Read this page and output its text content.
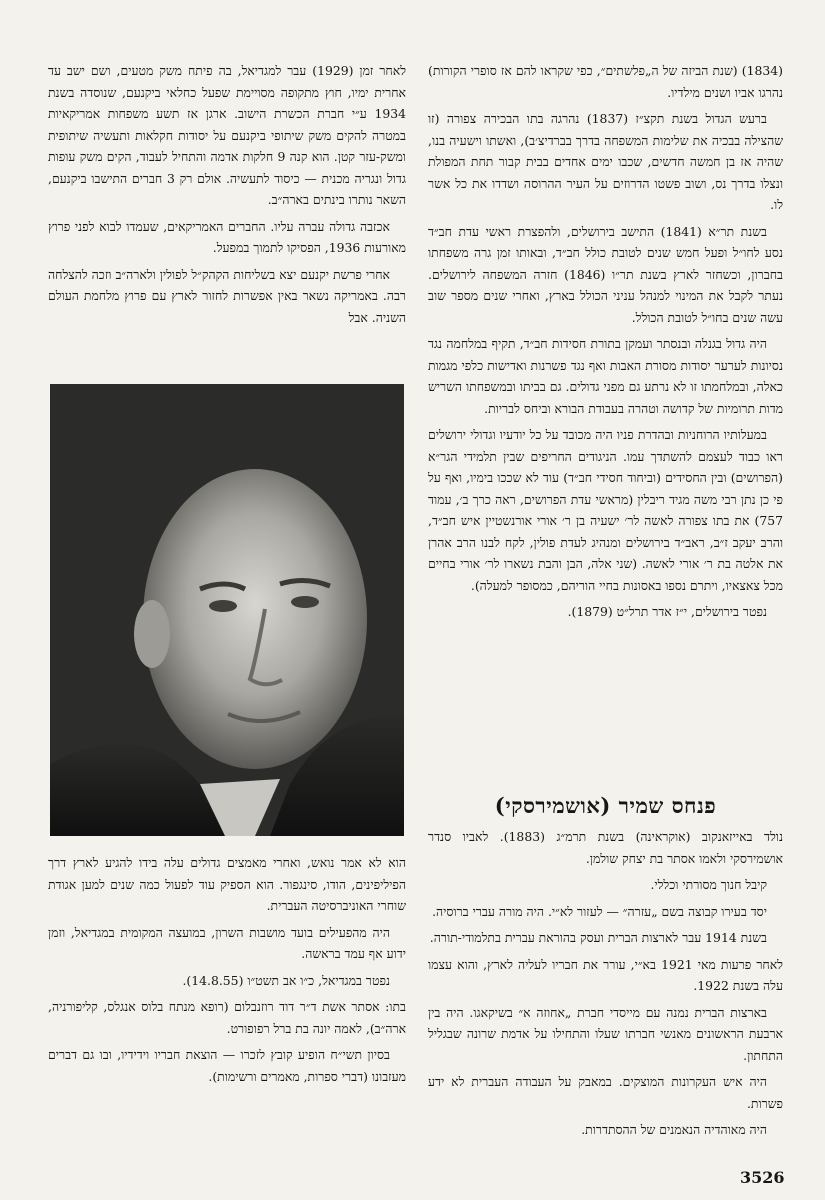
(1834) (שנת הביזה של ה„פלשתים״, כפי שקראו להם אז סופרי הקורות) נהרגו אביו ושנים מילדיו.

ברעש הגדול בשנת תקצ״ז (1837) נהרגה בתו הבכירה צפורה (זו שהצילה בבכיה את שלימות המשפחה בדרך בברדיצ׳ב), ואשתו וישעיה בנו, שהיה אז בן חמשה חדשים, שכבו ימים אחדים בבית קבור תחת המפולת ונצלו בדרך נס, ושוב פשטו הדרוזים על העיר ההרוסה ושדדו את כל אשר לו.

בשנת תר״א (1841) התישב בירושלים, ולהפצרת ראשי עדת חב״ד נסע לחו״ל ופעל חמש שנים לטובת כולל חב״ד, ובאותו זמן גרה משפחתו בחברון, וכשחזר לארץ בשנת תר״ו (1846) חזרה המשפחה לירושלים. נעתר לקבל את המינוי למנהל עניני הכולל בארץ, ואחרי שנים מספר שוב עשה שנים בחו״ל לטובת הכולל.

היה גדול בגנלה ובנסתר ועמקן בתורת חסידות חב״ד, תקיף במלחמה נגד נסיונות לערער יסודות מסורת האבות ואף נגד פשרנות ואדישות כלפי מגמות כאלה, ובמלחמתו זו לא נרתע גם מפני גדולים. גם בביתו ובמשפחתו השריש מדות תרומיות של קדושה וטהרה בעבודת הבורא וביחס לבריות.

במעלותיו הרוחניות ובהדרת פניו היה מכובד על כל יודעיו וגדולי ירושלים ראו כבוד לעצמם להשתדך עמו. הניגודים החריפים שבין תלמידי הגר״א (הפרושים) ובין החסידים (וביחוד חסידי חב״ד) עוד לא שככו בימיו, ואף על פי כן נתן רבי משה מגיד ריבלין (מראשי עדת הפרושים, ראה כרך ב׳, עמוד 757) את בתו צפורה לאשה לר׳ ישעיה בן ר׳ אורי אורנשטיין איש חב״ד, והרב יעקב ז״ב, ראב״ד בירושלים ומנהיג לעדת פולין, לקח לבנו הרב אהרן את אלטה בת ר׳ אורי לאשה. (שני אלה, הבן והבת נשארו לר׳ אורי בחיים מכל צאצאיו, ויתרם נספו באסונות בחיי הוריהם, כמסופר למעלה).

נפטר בירושלים, י״ז אדר תרל״ט (1879).

לאחר זמן (1929) עבר למגדיאל, בה פיתח משק מטעים, ושם ישב עד אחרית ימיו, חוץ מתקופה מסויימת שפעל כחלאי ביקנעם, שנוסדה בשנת 1934 ע״י חברת הכשרת הישוב. ארגן אז תשע משפחות אמריקאיות במטרה להקים משק שיתופי ביקנעם על יסודות חקלאות ותעשיה שיתופית ומשק-עזר קטן. הוא קנה 9 חלקות אדמה והתחיל לעבוד, הקים משק עופות גדול ונגריה מכנית — כיסוד לתעשיה. אולם רק 3 חברים התישבו ביקנעם, השאר נותרו בינתים בארה״ב.

אכזבה גדולה עברה עליו. החברים האמריקאים, שעמדו לבוא לפני פרוץ מאורעות 1936, הפסיקו לתמוך במפעל.

אחרי פרשת יקנעם יצא בשליחות הקהק״ל לפולין ולארה״ב וזכה להצלחה רבה. באמריקה נשאר באין אפשרות לחזור לארץ עם פרוץ מלחמת העולם השניה. אבל

הוא לא אמר נואש, ואחרי מאמצים גדולים עלה בידו להגיע לארץ דרך הפיליפינים, הודו, סינגפור. הוא הספיק עוד לפעול כמה שנים למען אגודת שוחרי האוניברסיטה העברית.

היה מהפעילים בועד מושבות השרון, במועצה המקומית במגדיאל, וזמן ידוע אף עמד בראשה.

נפטר במגדיאל, כ״ו אב תשט״ו (14.8.55).

בתו: אסתר אשת ד״ר דוד רוזנבלום (רופא מנתח בלוס אנגלס, קליפורניה, ארה״ב), לאמה יונה בת ברל רפופורט.

בסיון תשי״ח הופיע קובץ לזכרו — הוצאת חבריו וידידיו, ובו גם דברים מעזבונו (דברי ספרות, מאמרים ורשימות).

פנחס שמיר (אושמירסקי)

נולד באייזאנקוב (אוקראינה) בשנת תרמ״ג (1883). לאביו סנדר אושמירסקי ולאמו אסתר בת יצחק שולמן.

קיבל חנוך מסורתי וכללי.

יסד בעירו קבוצה בשם „עזרה״ — לעזור לא״י. היה מורה עברי ברוסיה.

בשנת 1914 עבר לארצות הברית ועסק בהוראת עברית בתלמודי-תורה.

לאחר פרעות מאי 1921 בא״י, עורר את חבריו לעליה לארץ, והוא עצמו עלה בשנת 1922.

בארצות הברית נמנה עם מייסדי חברת „אחוזה א״ בשיקאגו. היה בין ארבעת הראשונים מאנשי חברתו שעלו והתחילו על אדמת שרונה שבגליל התחתון.

היה איש העקרונות המוצקים. במאבק על העבודה העברית לא ידע פשרות.

היה מאוהדיה הנאמנים של ההסתדרות.

3526
